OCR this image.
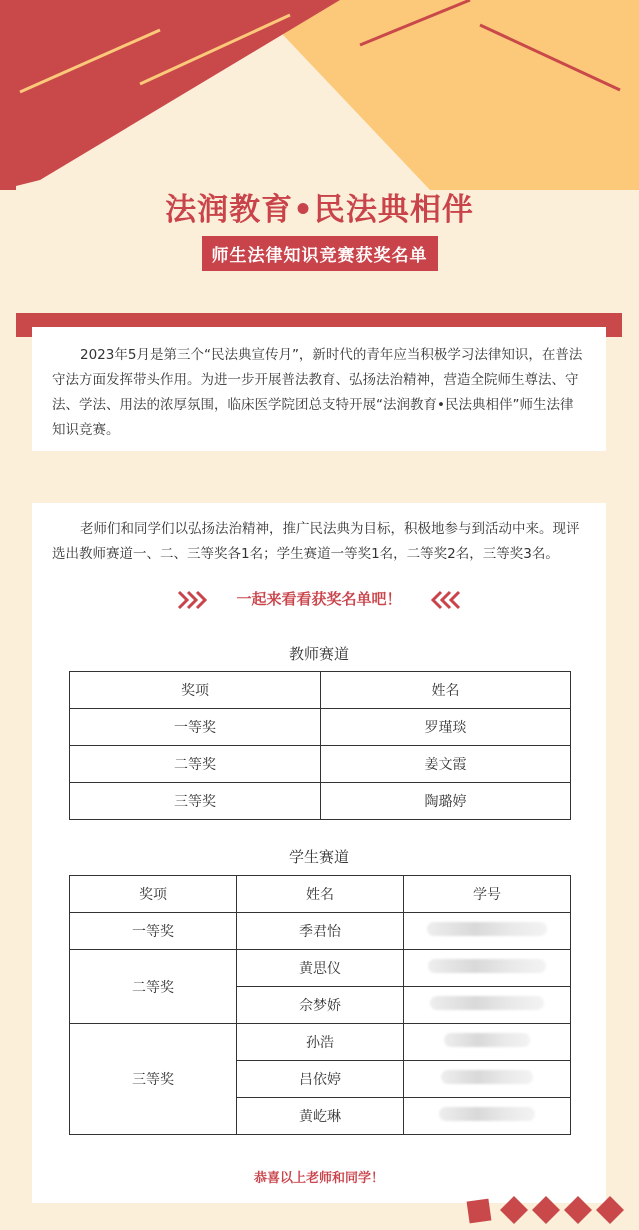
法润教育•民法典相伴
师生法律知识竞赛获奖名单
2023年5月是第三个“民法典宣传月”，新时代的青年应当积极学习法律知识，在普法守法方面发挥带头作用。为进一步开展普法教育、弘扬法治精神，营造全院师生尊法、守法、学法、用法的浓厚氛围，临床医学院团总支特开展“法润教育•民法典相伴”师生法律知识竞赛。
老师们和同学们以弘扬法治精神，推广民法典为目标，积极地参与到活动中来。现评选出教师赛道一、二、三等奖各1名；学生赛道一等奖1名，二等奖2名，三等奖3名。
一起来看看获奖名单吧！
教师赛道
奖项	姓名
一等奖	罗瑾琰
二等奖	姜文霞
三等奖	陶璐婷
学生赛道
奖项	姓名	学号
一等奖	季君怡	
二等奖	黄思仪	
	佘梦娇	
三等奖	孙浩	
	吕依婷	
	黄屹琳	
恭喜以上老师和同学！
